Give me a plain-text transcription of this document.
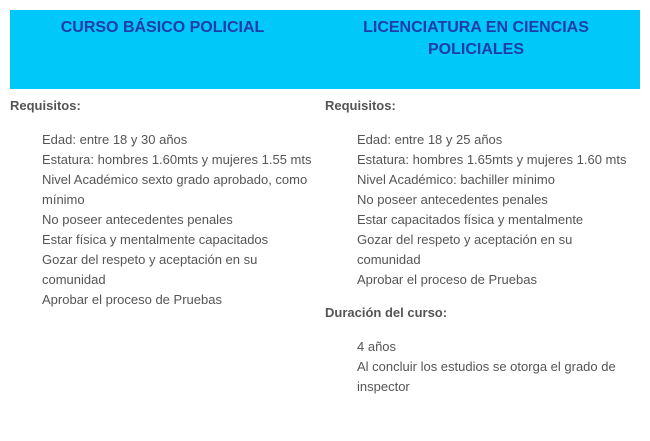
CURSO BÁSICO POLICIAL	LICENCIATURA EN CIENCIAS
POLICIALES

Requisitos:

Edad: entre 18 y 30 años
Estatura: hombres 1.60mts y mujeres 1.55 mts
Nivel Académico sexto grado aprobado, como
mínimo
No poseer antecedentes penales
Estar física y mentalmente capacitados
Gozar del respeto y aceptación en su
comunidad
Aprobar el proceso de Pruebas

Requisitos:

Edad: entre 18 y 25 años
Estatura: hombres 1.65mts y mujeres 1.60 mts
Nivel Académico: bachiller mínimo
No poseer antecedentes penales
Estar capacitados física y mentalmente
Gozar del respeto y aceptación en su
comunidad
Aprobar el proceso de Pruebas

Duración del curso:

4 años
Al concluir los estudios se otorga el grado de
inspector
